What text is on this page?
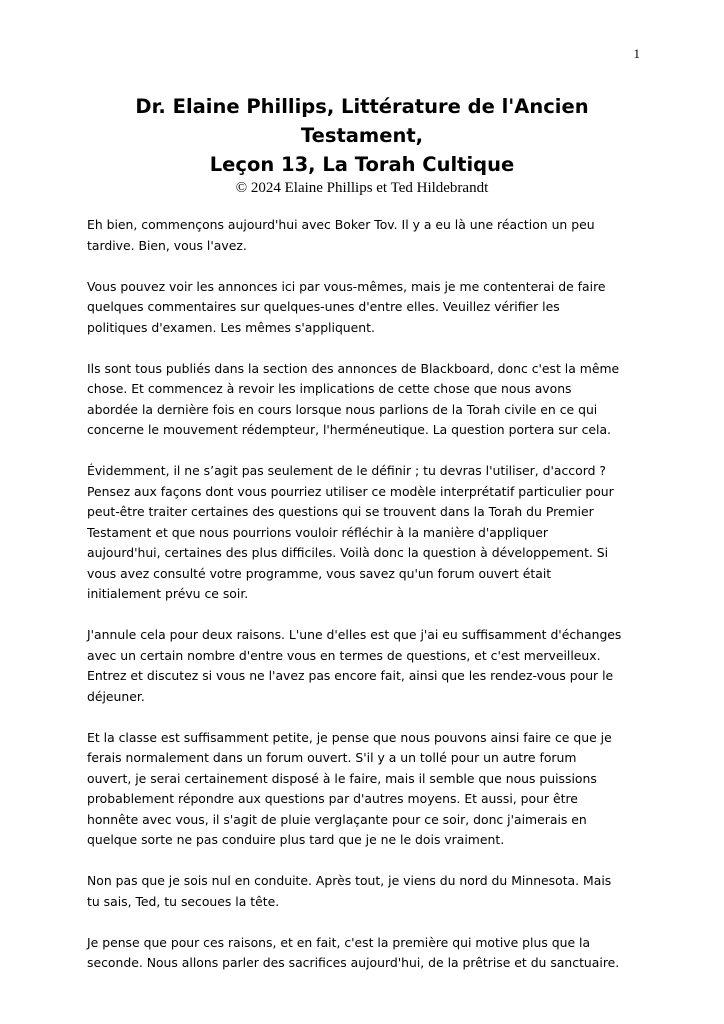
1
Dr. Elaine Phillips, Littérature de l'Ancien
Testament,
Leçon 13, La Torah Cultique
© 2024 Elaine Phillips et Ted Hildebrandt

Eh bien, commençons aujourd'hui avec Boker Tov. Il y a eu là une réaction un peu
tardive. Bien, vous l'avez.

Vous pouvez voir les annonces ici par vous-mêmes, mais je me contenterai de faire
quelques commentaires sur quelques-unes d'entre elles. Veuillez vérifier les
politiques d'examen. Les mêmes s'appliquent.

Ils sont tous publiés dans la section des annonces de Blackboard, donc c'est la même
chose. Et commencez à revoir les implications de cette chose que nous avons
abordée la dernière fois en cours lorsque nous parlions de la Torah civile en ce qui
concerne le mouvement rédempteur, l'herméneutique. La question portera sur cela.

Évidemment, il ne s’agit pas seulement de le définir ; tu devras l'utiliser, d'accord ?
Pensez aux façons dont vous pourriez utiliser ce modèle interprétatif particulier pour
peut-être traiter certaines des questions qui se trouvent dans la Torah du Premier
Testament et que nous pourrions vouloir réfléchir à la manière d'appliquer
aujourd'hui, certaines des plus difficiles. Voilà donc la question à développement. Si
vous avez consulté votre programme, vous savez qu'un forum ouvert était
initialement prévu ce soir.

J'annule cela pour deux raisons. L'une d'elles est que j'ai eu suffisamment d'échanges
avec un certain nombre d'entre vous en termes de questions, et c'est merveilleux.
Entrez et discutez si vous ne l'avez pas encore fait, ainsi que les rendez-vous pour le
déjeuner.

Et la classe est suffisamment petite, je pense que nous pouvons ainsi faire ce que je
ferais normalement dans un forum ouvert. S'il y a un tollé pour un autre forum
ouvert, je serai certainement disposé à le faire, mais il semble que nous puissions
probablement répondre aux questions par d'autres moyens. Et aussi, pour être
honnête avec vous, il s'agit de pluie verglaçante pour ce soir, donc j'aimerais en
quelque sorte ne pas conduire plus tard que je ne le dois vraiment.

Non pas que je sois nul en conduite. Après tout, je viens du nord du Minnesota. Mais
tu sais, Ted, tu secoues la tête.

Je pense que pour ces raisons, et en fait, c'est la première qui motive plus que la
seconde. Nous allons parler des sacrifices aujourd'hui, de la prêtrise et du sanctuaire.
